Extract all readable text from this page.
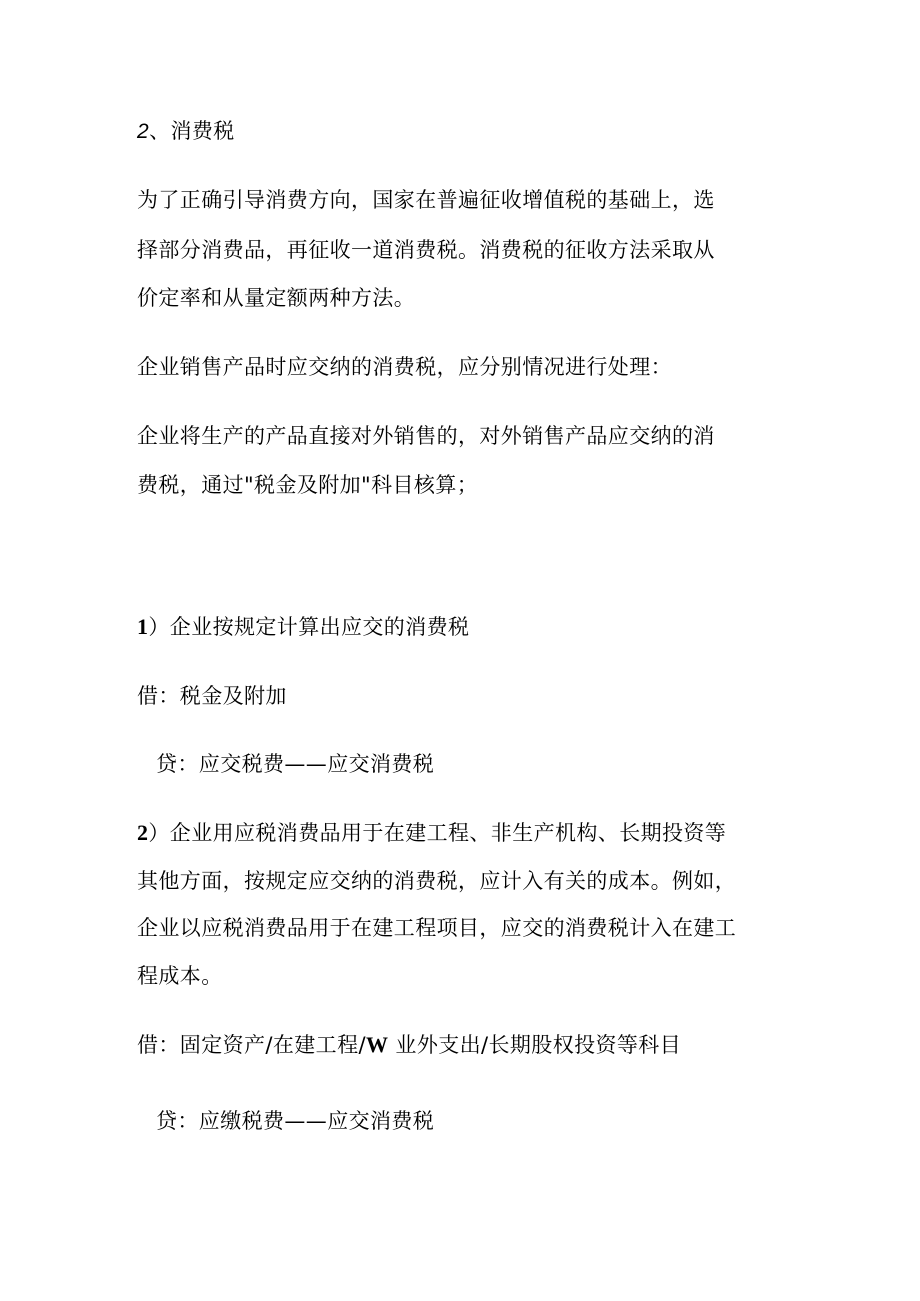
2、消费税
为了正确引导消费方向，国家在普遍征收增值税的基础上，选
择部分消费品，再征收一道消费税。消费税的征收方法采取从
价定率和从量定额两种方法。
企业销售产品时应交纳的消费税，应分别情况进行处理：
企业将生产的产品直接对外销售的，对外销售产品应交纳的消
费税，通过"税金及附加"科目核算；
1）企业按规定计算出应交的消费税
借：税金及附加
贷：应交税费——应交消费税
2）企业用应税消费品用于在建工程、非生产机构、长期投资等
其他方面，按规定应交纳的消费税，应计入有关的成本。例如，
企业以应税消费品用于在建工程项目，应交的消费税计入在建工
程成本。
借：固定资产/在建工程/W 业外支出/长期股权投资等科目
贷：应缴税费——应交消费税
